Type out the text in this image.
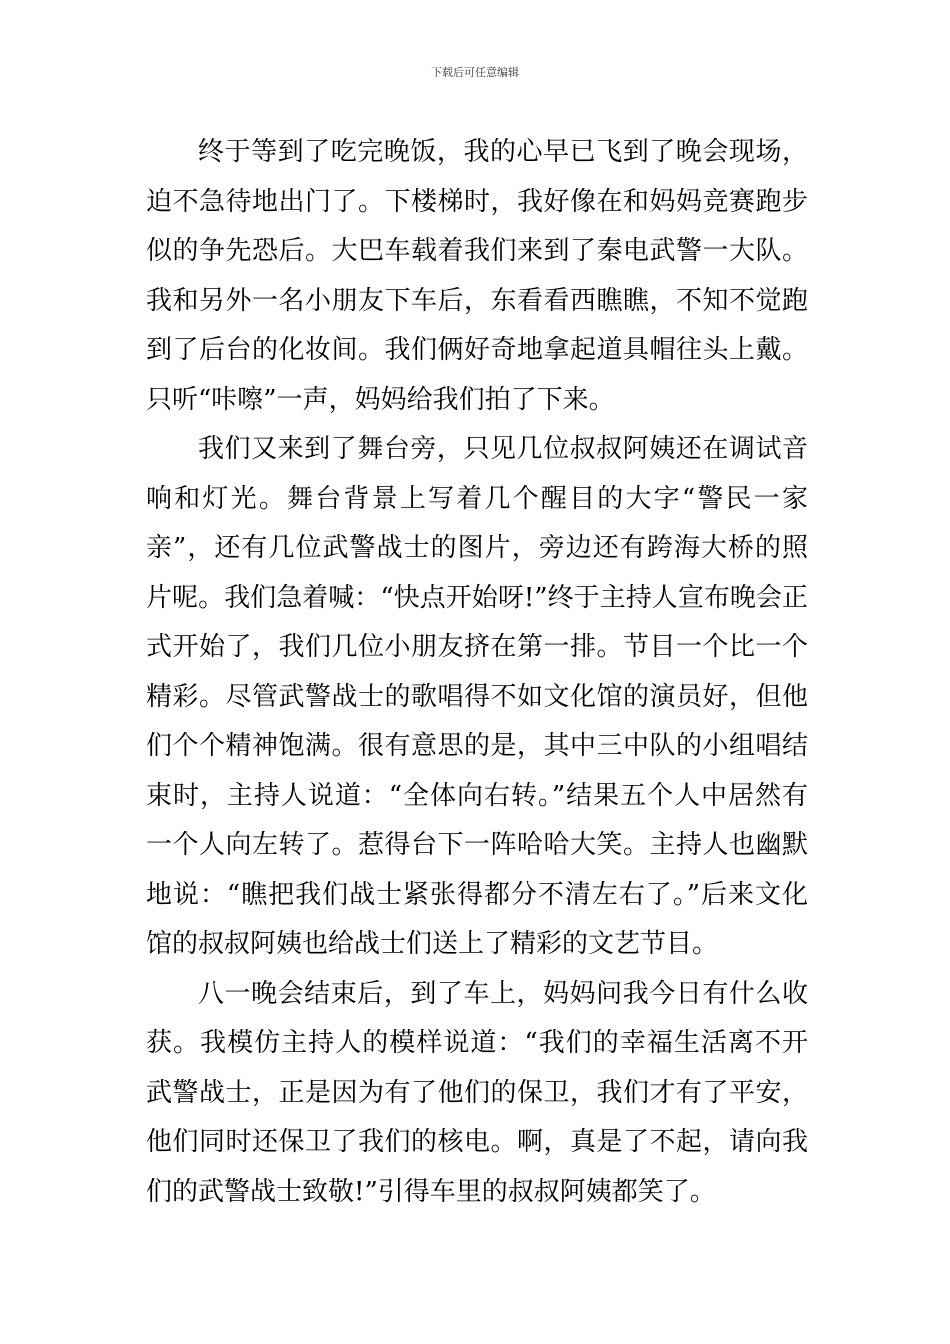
下载后可任意编辑

终于等到了吃完晚饭，我的心早已飞到了晚会现场，迫不急待地出门了。下楼梯时，我好像在和妈妈竞赛跑步似的争先恐后。大巴车载着我们来到了秦电武警一大队。我和另外一名小朋友下车后，东看看西瞧瞧，不知不觉跑到了后台的化妆间。我们俩好奇地拿起道具帽往头上戴。只听“咔嚓”一声，妈妈给我们拍了下来。

我们又来到了舞台旁，只见几位叔叔阿姨还在调试音响和灯光。舞台背景上写着几个醒目的大字“警民一家亲”，还有几位武警战士的图片，旁边还有跨海大桥的照片呢。我们急着喊：“快点开始呀!”终于主持人宣布晚会正式开始了，我们几位小朋友挤在第一排。节目一个比一个精彩。尽管武警战士的歌唱得不如文化馆的演员好，但他们个个精神饱满。很有意思的是，其中三中队的小组唱结束时，主持人说道：“全体向右转。”结果五个人中居然有一个人向左转了。惹得台下一阵哈哈大笑。主持人也幽默地说：“瞧把我们战士紧张得都分不清左右了。”后来文化馆的叔叔阿姨也给战士们送上了精彩的文艺节目。

八一晚会结束后，到了车上，妈妈问我今日有什么收获。我模仿主持人的模样说道：“我们的幸福生活离不开武警战士，正是因为有了他们的保卫，我们才有了平安，他们同时还保卫了我们的核电。啊，真是了不起，请向我们的武警战士致敬!”引得车里的叔叔阿姨都笑了。
